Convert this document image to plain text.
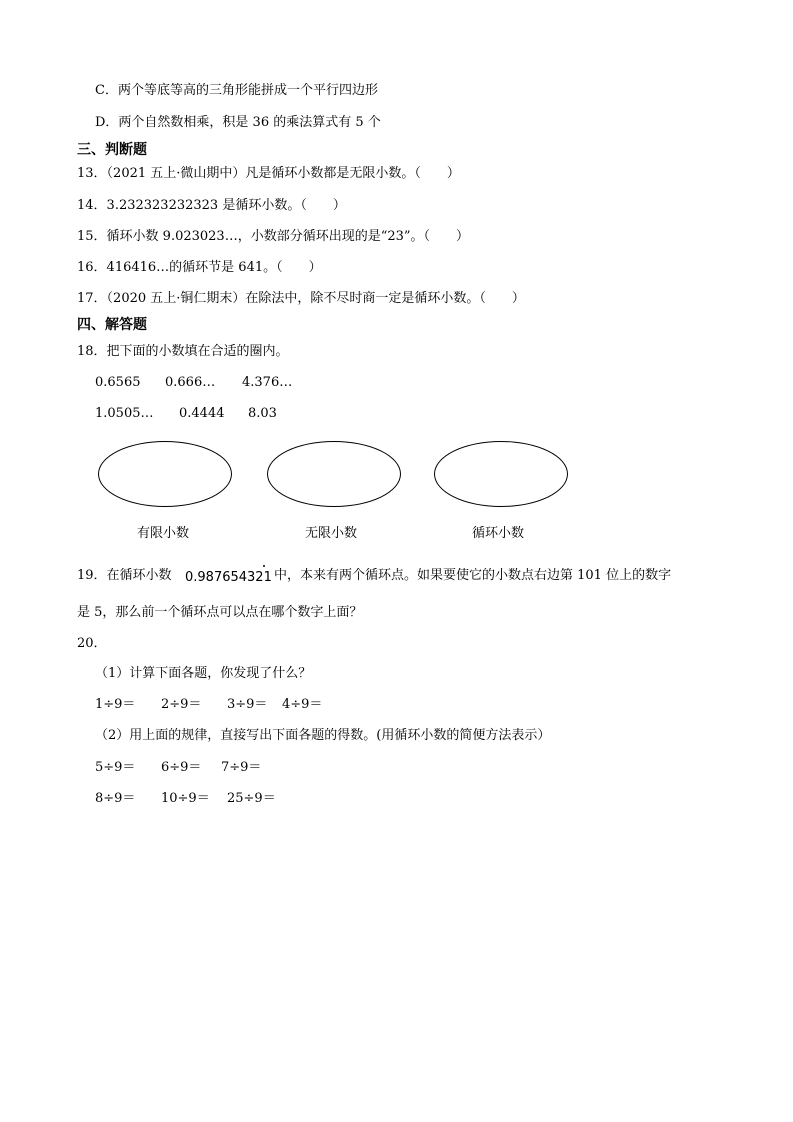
C．两个等底等高的三角形能拼成一个平行四边形
D．两个自然数相乘，积是 36 的乘法算式有 5 个
三、判断题
13．（2021 五上·微山期中）凡是循环小数都是无限小数。（　　）
14．3.232323232323 是循环小数。（　　）
15．循环小数 9.023023…，小数部分循环出现的是“23”。（　　）
16．416416…的循环节是 641。（　　）
17．（2020 五上·铜仁期末）在除法中，除不尽时商一定是循环小数。（　　）
四、解答题
18．把下面的小数填在合适的圈内。
0.6565 0.666… 4.376…
1.0505… 0.4444 8.03
有限小数	无限小数	循环小数
19．在循环小数 0.987654321 中，本来有两个循环点。如果要使它的小数点右边第 101 位上的数字
是 5，那么前一个循环点可以点在哪个数字上面？
20．
（1）计算下面各题，你发现了什么？
1÷9＝ 2÷9＝ 3÷9＝ 4÷9＝
（2）用上面的规律，直接写出下面各题的得数。(用循环小数的简便方法表示）
5÷9＝ 6÷9＝ 7÷9＝
8÷9＝ 10÷9＝ 25÷9＝
